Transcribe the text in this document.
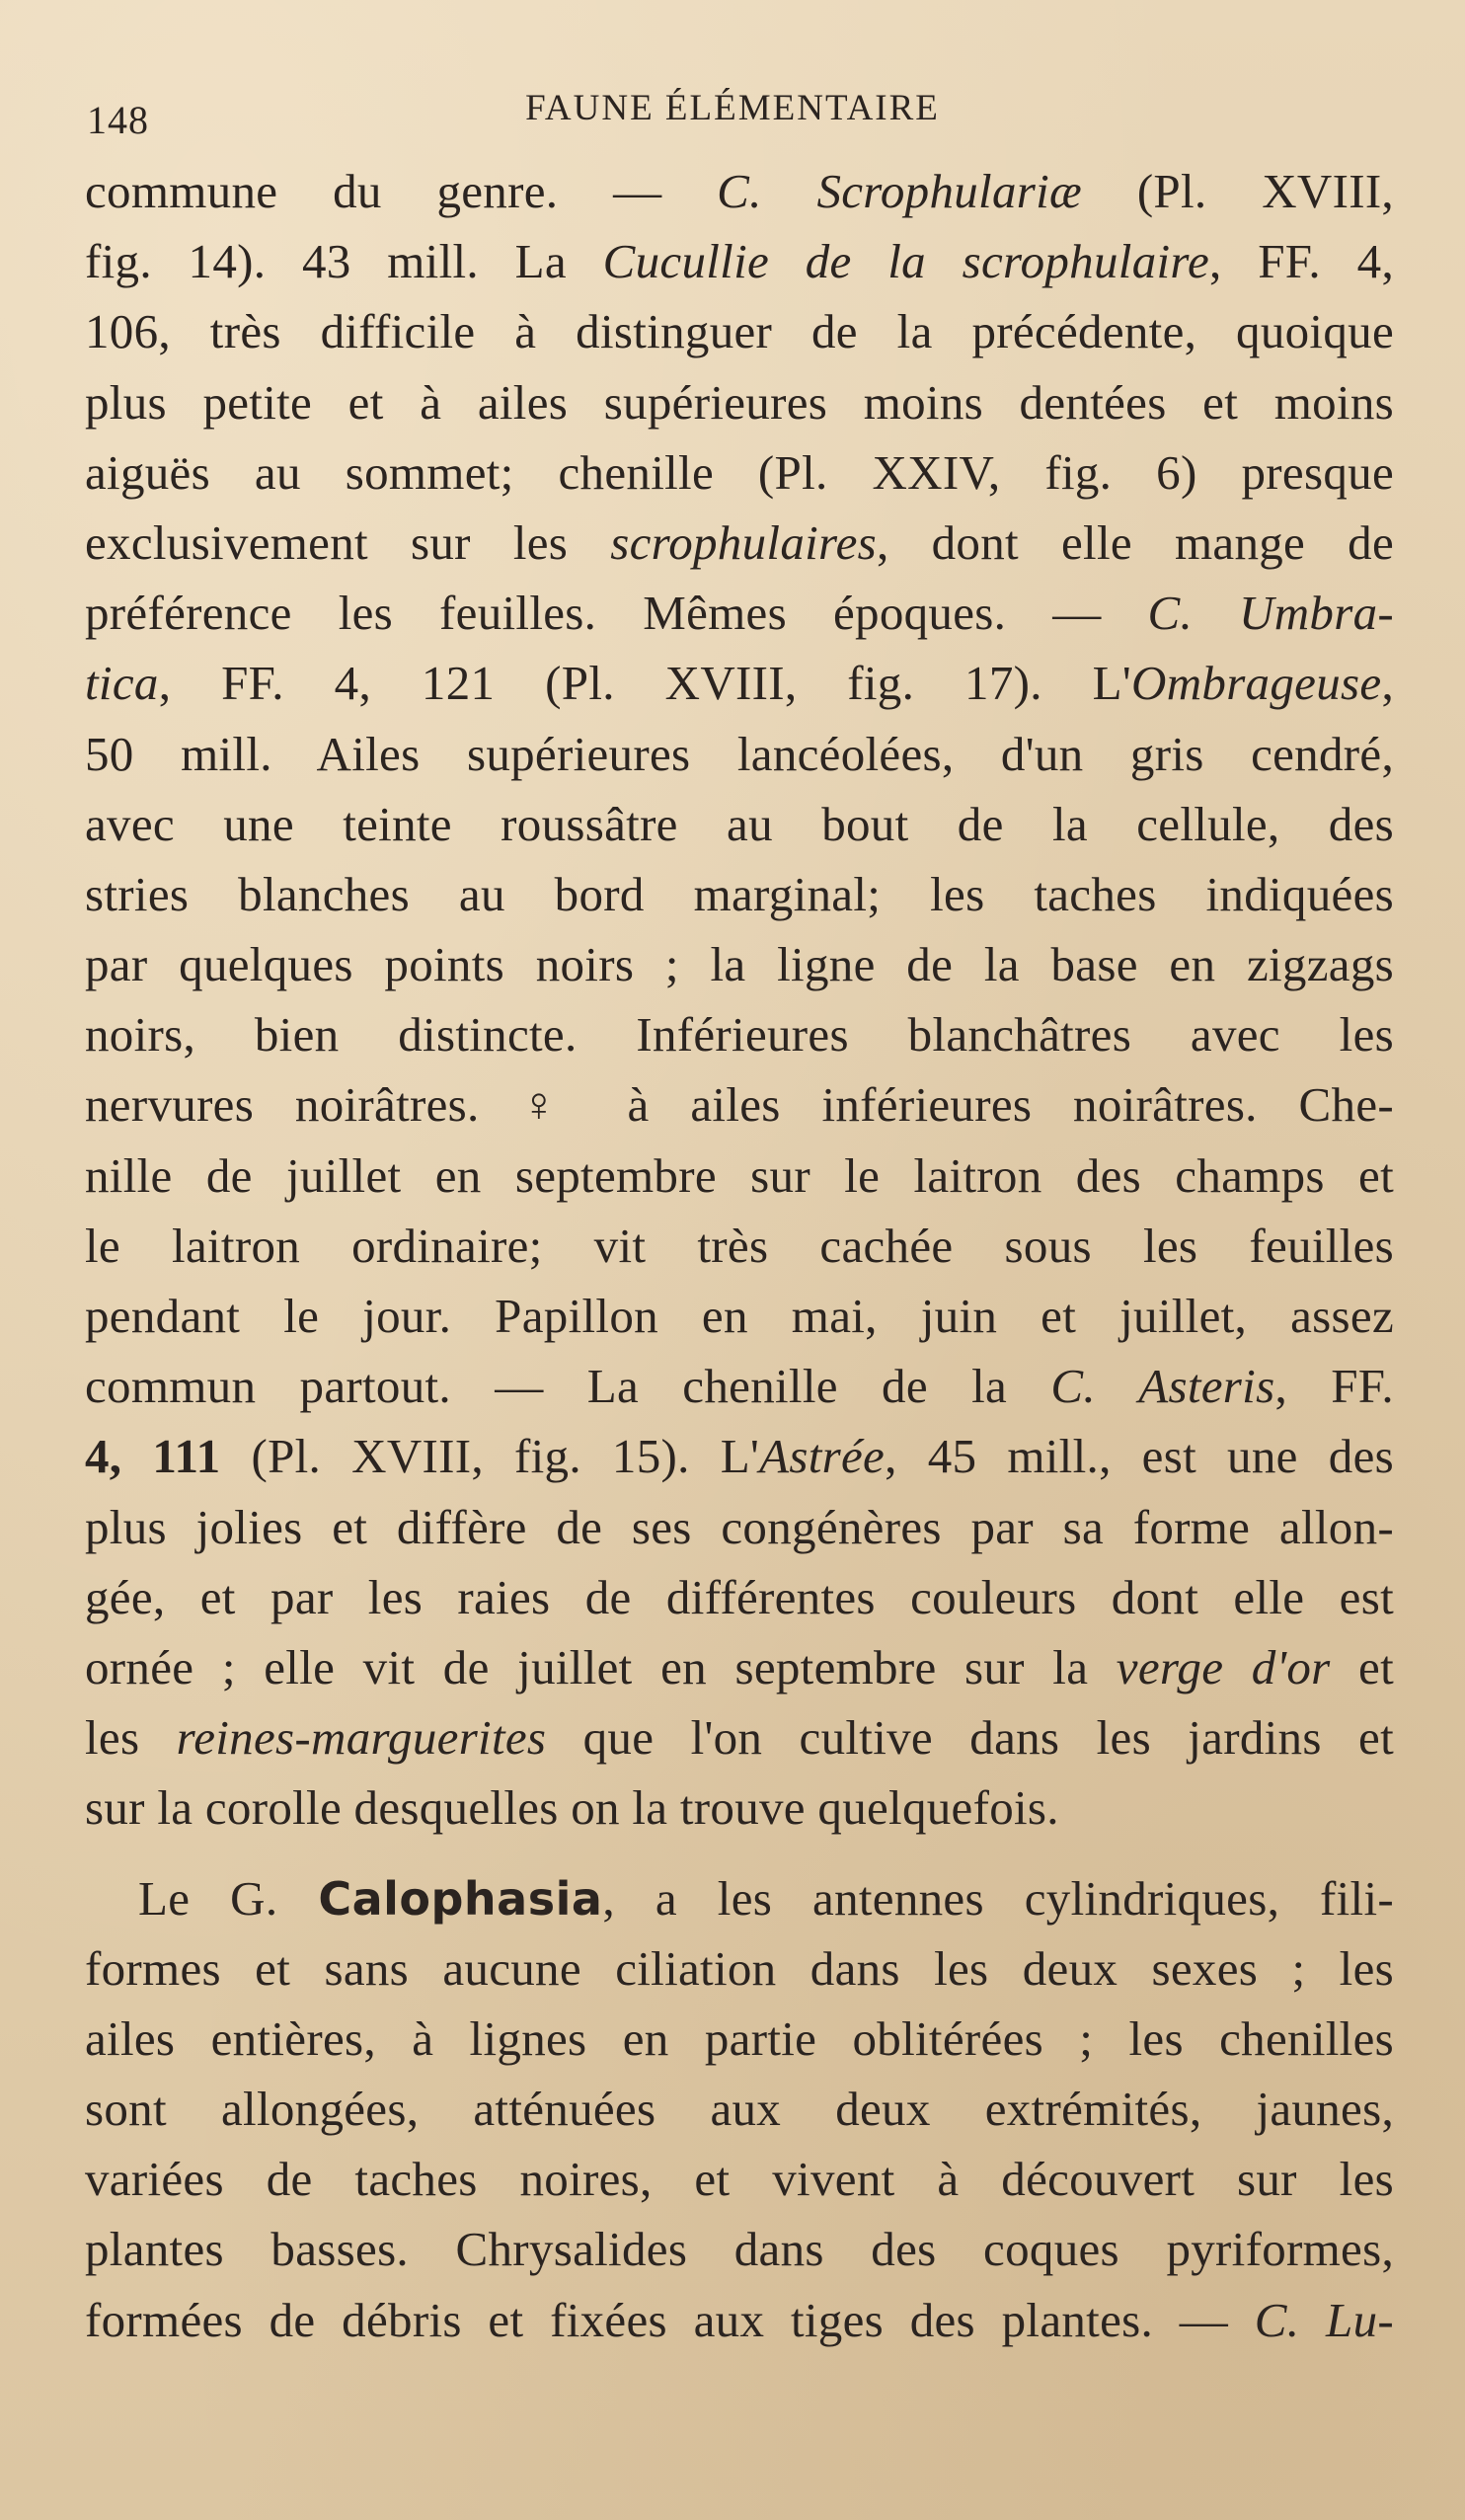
148	FAUNE ÉLÉMENTAIRE
commune du genre. — C. Scrophulariæ (Pl. XVIII,
fig. 14). 43 mill. La Cucullie de la scrophulaire, FF. 4,
106, très difficile à distinguer de la précédente, quoique
plus petite et à ailes supérieures moins dentées et moins
aiguës au sommet; chenille (Pl. XXIV, fig. 6) presque
exclusivement sur les scrophulaires, dont elle mange de
préférence les feuilles. Mêmes époques. — C. Umbra-
tica, FF. 4, 121 (Pl. XVIII, fig. 17). L'Ombrageuse,
50 mill. Ailes supérieures lancéolées, d'un gris cendré,
avec une teinte roussâtre au bout de la cellule, des
stries blanches au bord marginal; les taches indiquées
par quelques points noirs ; la ligne de la base en zigzags
noirs, bien distincte. Inférieures blanchâtres avec les
nervures noirâtres. ♀ à ailes inférieures noirâtres. Che-
nille de juillet en septembre sur le laitron des champs et
le laitron ordinaire; vit très cachée sous les feuilles
pendant le jour. Papillon en mai, juin et juillet, assez
commun partout. — La chenille de la C. Asteris, FF.
4, 111 (Pl. XVIII, fig. 15). L'Astrée, 45 mill., est une des
plus jolies et diffère de ses congénères par sa forme allon-
gée, et par les raies de différentes couleurs dont elle est
ornée ; elle vit de juillet en septembre sur la verge d'or et
les reines-marguerites que l'on cultive dans les jardins et
sur la corolle desquelles on la trouve quelquefois.
Le G. Calophasia, a les antennes cylindriques, fili-
formes et sans aucune ciliation dans les deux sexes ; les
ailes entières, à lignes en partie oblitérées ; les chenilles
sont allongées, atténuées aux deux extrémités, jaunes,
variées de taches noires, et vivent à découvert sur les
plantes basses. Chrysalides dans des coques pyriformes,
formées de débris et fixées aux tiges des plantes. — C. Lu-
